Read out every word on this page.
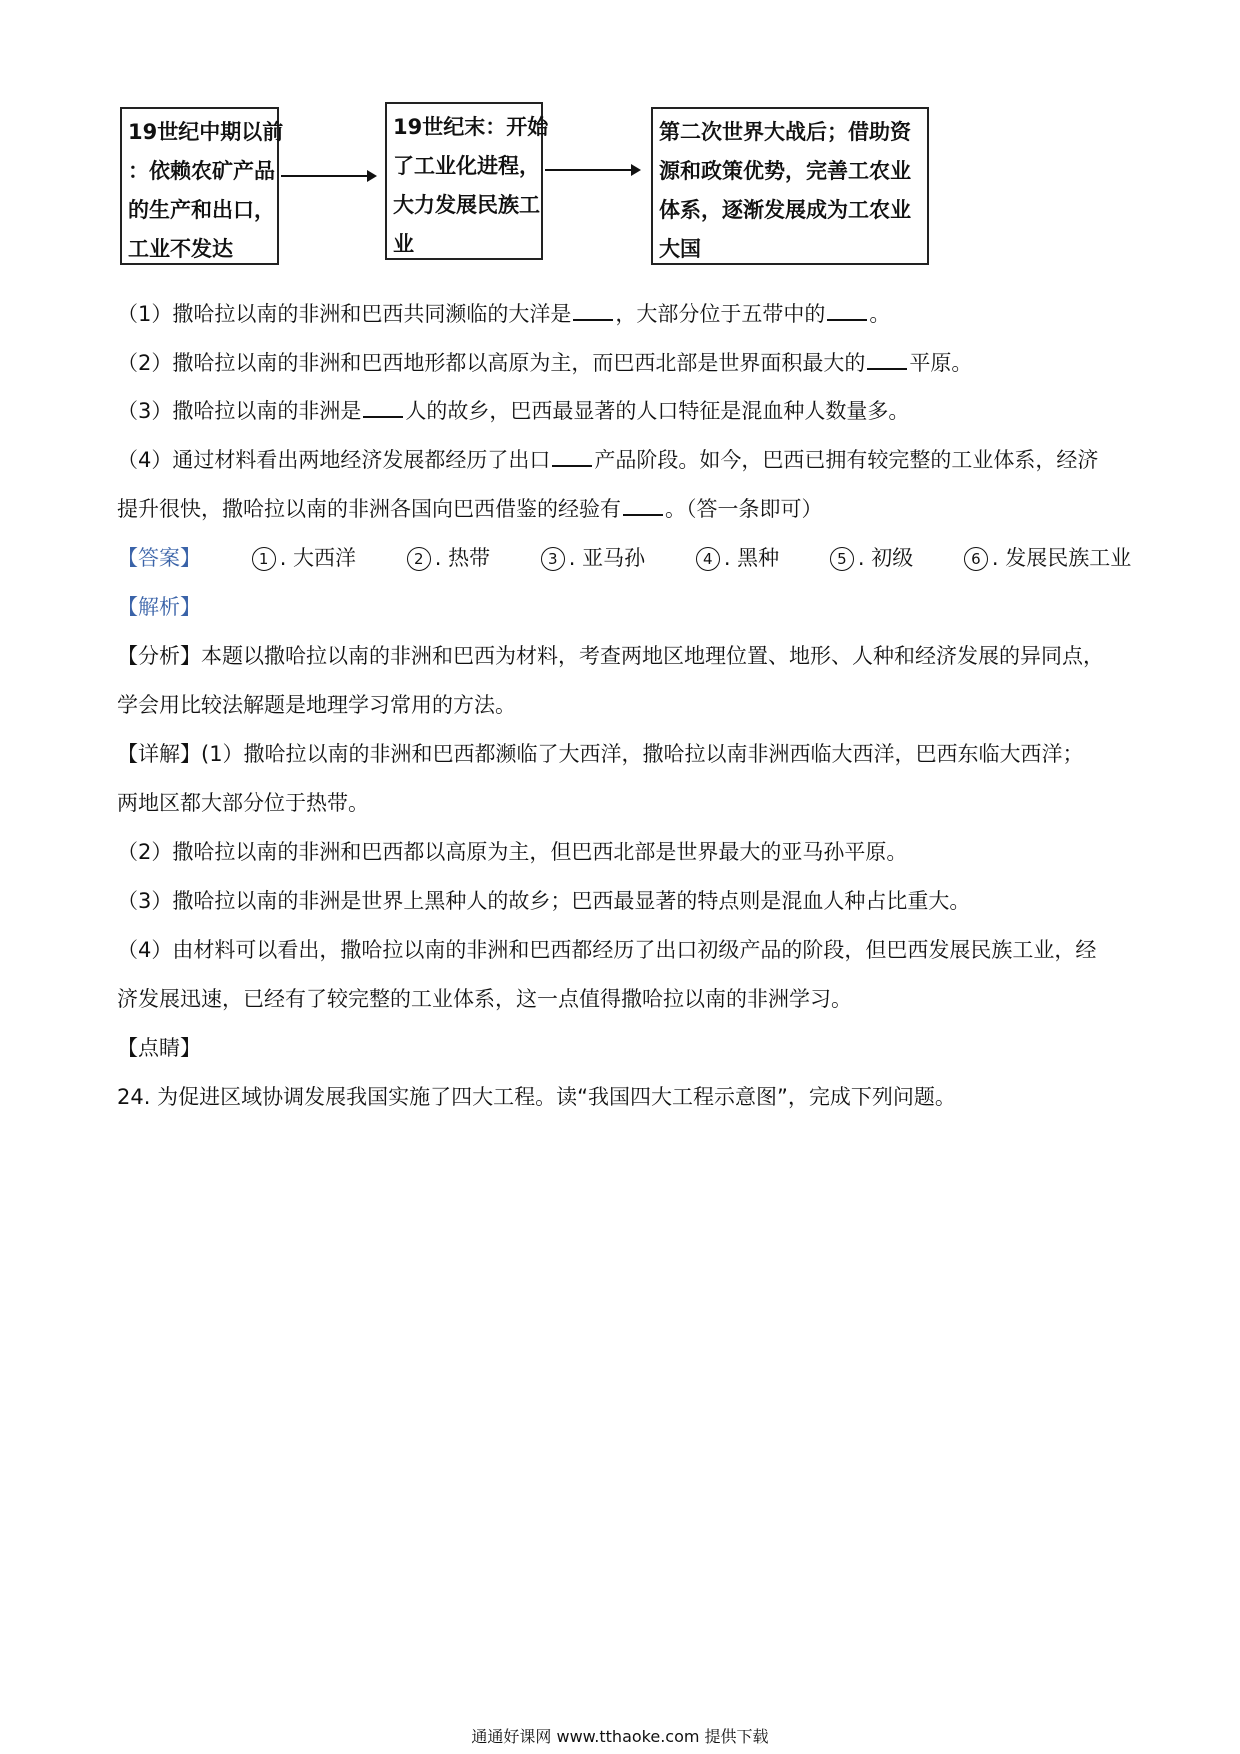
19世纪中期以前
：依赖农矿产品
的生产和出口，
工业不发达
19世纪末：开始
了工业化进程，
大力发展民族工
业
第二次世界大战后；借助资
源和政策优势，完善工农业
体系，逐渐发展成为工农业
大国
（1）撒哈拉以南的非洲和巴西共同濒临的大洋是 ，大部分位于五带中的 。
（2）撒哈拉以南的非洲和巴西地形都以高原为主，而巴西北部是世界面积最大的 平原。
（3）撒哈拉以南的非洲是 人的故乡，巴西最显著的人口特征是混血种人数量多。
（4）通过材料看出两地经济发展都经历了出口 产品阶段。如今，巴西已拥有较完整的工业体系，经济
提升很快，撒哈拉以南的非洲各国向巴西借鉴的经验有 。（答一条即可）
【答案】	1 . 大西洋	2 . 热带	3 . 亚马孙	4 . 黑种	5 . 初级	6 . 发展民族工业
【解析】
【分析】本题以撒哈拉以南的非洲和巴西为材料，考查两地区地理位置、地形、人种和经济发展的异同点，
学会用比较法解题是地理学习常用的方法。
【详解】(1）撒哈拉以南的非洲和巴西都濒临了大西洋，撒哈拉以南非洲西临大西洋，巴西东临大西洋；
两地区都大部分位于热带。
（2）撒哈拉以南的非洲和巴西都以高原为主，但巴西北部是世界最大的亚马孙平原。
（3）撒哈拉以南的非洲是世界上黑种人的故乡；巴西最显著的特点则是混血人种占比重大。
（4）由材料可以看出，撒哈拉以南的非洲和巴西都经历了出口初级产品的阶段，但巴西发展民族工业，经
济发展迅速，已经有了较完整的工业体系，这一点值得撒哈拉以南的非洲学习。
【点睛】
24. 为促进区域协调发展我国实施了四大工程。读“我国四大工程示意图”，完成下列问题。
通通好课网 www.tthaoke.com 提供下载
